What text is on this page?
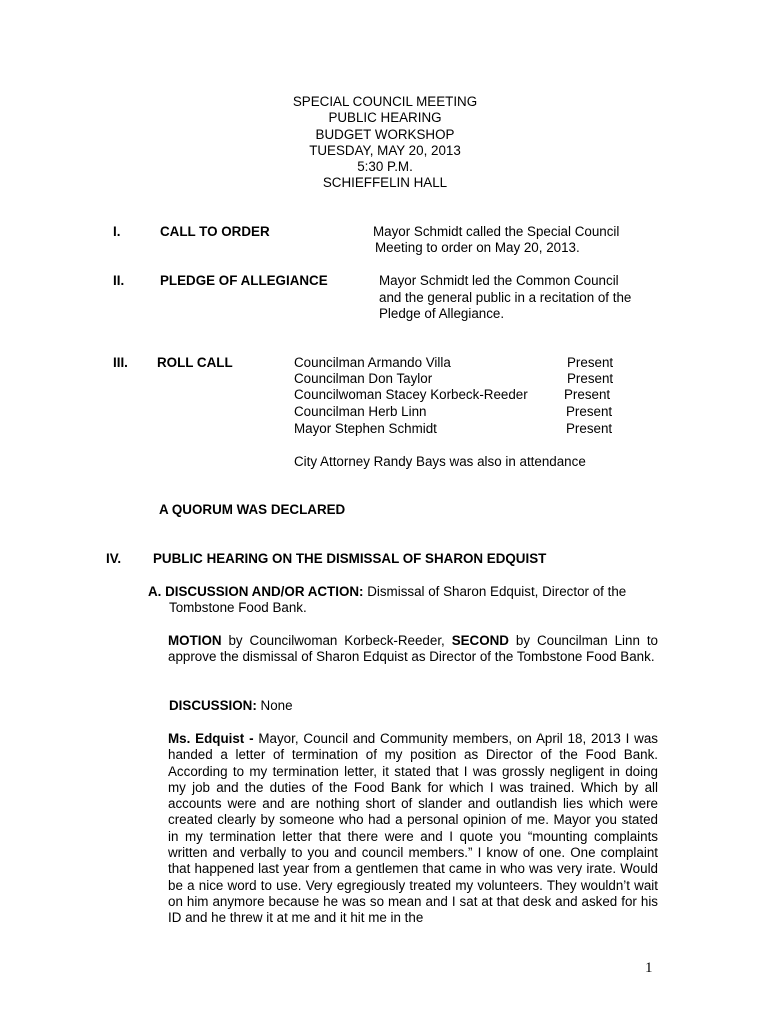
SPECIAL COUNCIL MEETING
PUBLIC HEARING
BUDGET WORKSHOP
TUESDAY, MAY 20, 2013
5:30 P.M.
SCHIEFFELIN HALL
I.	CALL TO ORDER	Mayor Schmidt called the Special Council
Meeting to order on May 20, 2013.
II.	PLEDGE OF ALLEGIANCE	Mayor Schmidt led the Common Council
and the general public in a recitation of the
Pledge of Allegiance.
III. ROLL CALL	Councilman Armando Villa	Present
Councilman Don Taylor	Present
Councilwoman Stacey Korbeck-Reeder	Present
Councilman Herb Linn	Present
Mayor Stephen Schmidt	Present
City Attorney Randy Bays was also in attendance
A QUORUM WAS DECLARED
IV. PUBLIC HEARING ON THE DISMISSAL OF SHARON EDQUIST
A. DISCUSSION AND/OR ACTION: Dismissal of Sharon Edquist, Director of the
Tombstone Food Bank.

MOTION by Councilwoman Korbeck-Reeder, SECOND by Councilman Linn to approve the dismissal of Sharon Edquist as Director of the Tombstone Food Bank.

DISCUSSION: None

Ms. Edquist - Mayor, Council and Community members, on April 18, 2013 I was handed a letter of termination of my position as Director of the Food Bank. According to my termination letter, it stated that I was grossly negligent in doing my job and the duties of the Food Bank for which I was trained. Which by all accounts were and are nothing short of slander and outlandish lies which were created clearly by someone who had a personal opinion of me. Mayor you stated in my termination letter that there were and I quote you “mounting complaints written and verbally to you and council members.” I know of one. One complaint that happened last year from a gentlemen that came in who was very irate. Would be a nice word to use. Very egregiously treated my volunteers. They wouldn’t wait on him anymore because he was so mean and I sat at that desk and asked for his ID and he threw it at me and it hit me in the

1
